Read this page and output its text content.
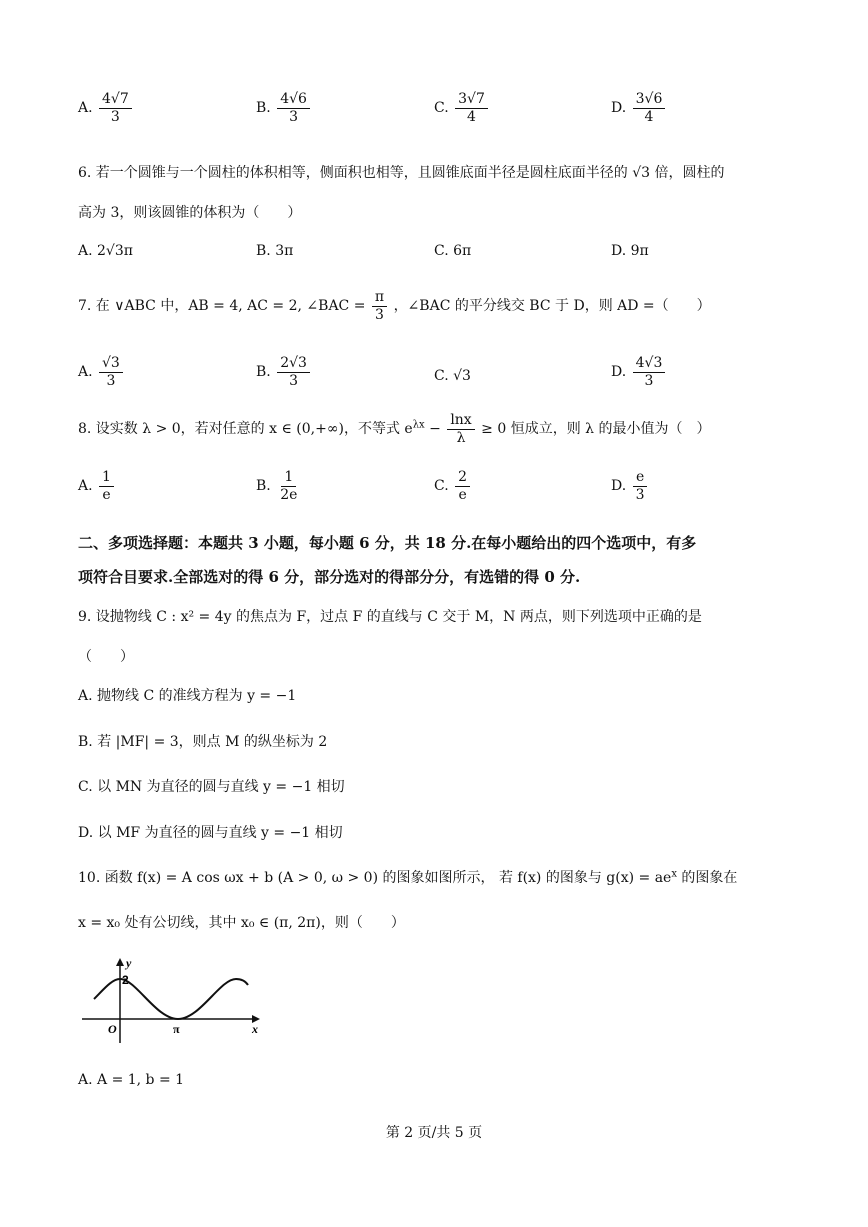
A. $\frac{4√7}{3}$	B. $\frac{4√6}{3}$	C. $\frac{3√7}{4}$	D. $\frac{3√6}{4}$
6. 若一个圆锥与一个圆柱的体积相等，侧面积也相等，且圆锥底面半径是圆柱底面半径的 √3 倍，圆柱的
高为 3，则该圆锥的体积为（　　）
A. 2√3π	B. 3π	C. 6π	D. 9π
7. 在 ∨ABC 中，AB = 4, AC = 2, ∠BAC = $\frac{\pi}{3}$ ，∠BAC 的平分线交 BC 于 D，则 AD =（　　）
A. $\frac{√3}{3}$	B. $\frac{2√3}{3}$	C. √3	D. $\frac{4√3}{3}$
8. 设实数 λ > 0，若对任意的 x ∈ (0,+∞)，不等式 $e^{\lambda x} - \frac{\ln x}{\lambda} \ge 0$ 恒成立，则 λ 的最小值为（　）
A. $\frac{1}{e}$	B. $\frac{1}{2e}$	C. $\frac{2}{e}$	D. $\frac{e}{3}$
二、多项选择题：本题共 3 小题，每小题 6 分，共 18 分.在每小题给出的四个选项中，有多
项符合目要求.全部选对的得 6 分，部分选对的得部分分，有选错的得 0 分.
9. 设抛物线 C : x² = 4y 的焦点为 F，过点 F 的直线与 C 交于 M，N 两点，则下列选项中正确的是
（　　）
A. 抛物线 C 的准线方程为 y = −1
B. 若 |MF| = 3，则点 M 的纵坐标为 2
C. 以 MN 为直径的圆与直线 y = −1 相切
D. 以 MF 为直径的圆与直线 y = −1 相切
10. 函数 f(x) = A cos ωx + b (A > 0, ω > 0) 的图象如图所示， 若 f(x) 的图象与 $g(x) = ae^x$ 的图象在
x = x₀ 处有公切线，其中 x₀ ∈ (π, 2π)，则（　　）
y
2
O	π	x
A. A = 1, b = 1
第 2 页/共 5 页
